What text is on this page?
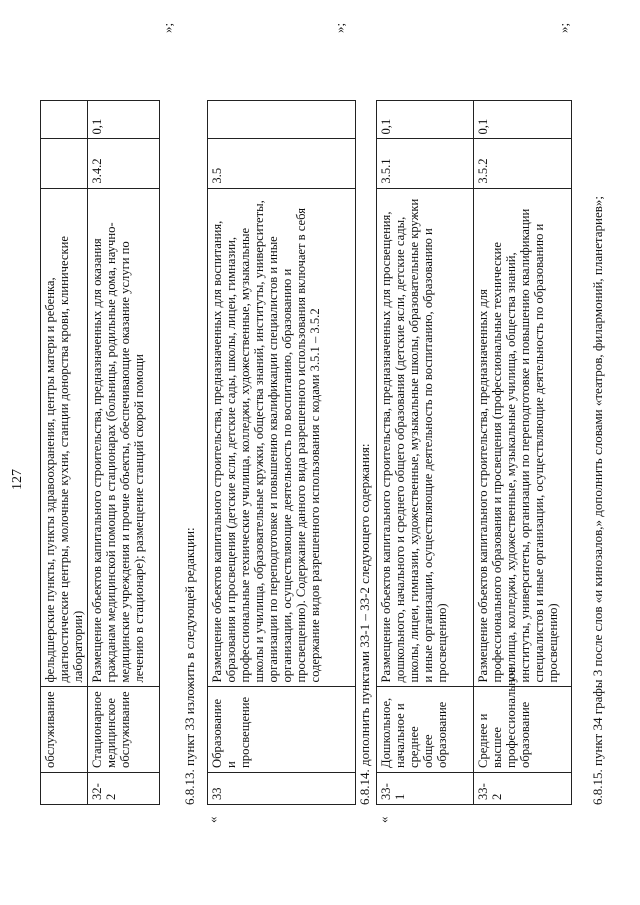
127
	обслуживание	фельдшерские пункты, пункты здравоохранения, центры матери и ребенка, диагностические центры, молочные кухни, станции донорства крови, клинические лаборатории)		
32-2	Стационарное медицинское обслуживание	Размещение объектов капитального строительства, предназначенных для оказания гражданам медицинской помощи в стационарах (больницы, родильные дома, научно-медицинские учреждения и прочие объекты, обеспечивающие оказание услуги по лечению в стационаре); размещение станций скорой помощи	3.4.2	0,1
»;
6.8.13. пункт 33 изложить в следующей редакции:
«
33	Образование и просвещение	Размещение объектов капитального строительства, предназначенных для воспитания, образования и просвещения (детские ясли, детские сады, школы, лицеи, гимназии, профессиональные технические училища, колледжи, художественные, музыкальные школы и училища, образовательные кружки, общества знаний, институты, университеты, организации по переподготовке и повышению квалификации специалистов и иные организации, осуществляющие деятельность по воспитанию, образованию и просвещению). Содержание данного вида разрешенного использования включает в себя содержание видов разрешенного использования с кодами 3.5.1 – 3.5.2	3.5	
»;
6.8.14. дополнить пунктами 33-1 – 33-2 следующего содержания:
«
33-1	Дошкольное, начальное и среднее общее образование	Размещение объектов капитального строительства, предназначенных для просвещения, дошкольного, начального и среднего общего образования (детские ясли, детские сады, школы, лицеи, гимназии, художественные, музыкальные школы, образовательные кружки и иные организации, осуществляющие деятельность по воспитанию, образованию и просвещению)	3.5.1	0,1
33-2	Среднее и высшее профессиональное образование	Размещение объектов капитального строительства, предназначенных для профессионального образования и просвещения (профессиональные технические училища, колледжи, художественные, музыкальные училища, общества знаний, институты, университеты, организации по переподготовке и повышению квалификации специалистов и иные организации, осуществляющие деятельность по образованию и просвещению)	3.5.2	0,1
»;
6.8.15. пункт 34 графы 3 после слов «и кинозалов,» дополнить словами «театров, филармоний, планетариев»;
